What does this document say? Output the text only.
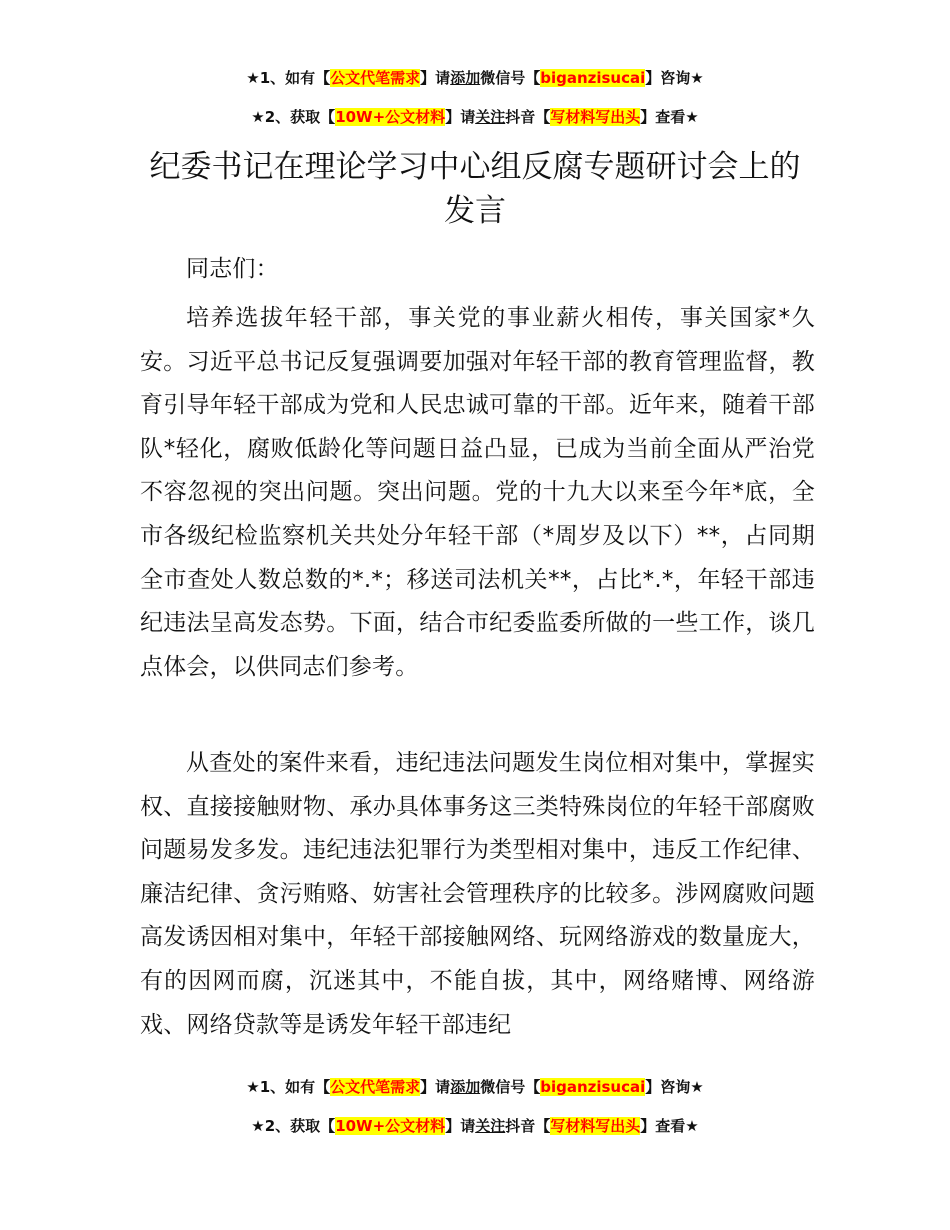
★1、如有【公文代笔需求】请添加微信号【biganzisucai】咨询★
★2、获取【10W+公文材料】请关注抖音【写材料写出头】查看★
纪委书记在理论学习中心组反腐专题研讨会上的发言

同志们：

培养选拔年轻干部，事关党的事业薪火相传，事关国家*久安。习近平总书记反复强调要加强对年轻干部的教育管理监督，教育引导年轻干部成为党和人民忠诚可靠的干部。近年来，随着干部队*轻化，腐败低龄化等问题日益凸显，已成为当前全面从严治党不容忽视的突出问题。突出问题。党的十九大以来至今年*底，全市各级纪检监察机关共处分年轻干部（*周岁及以下）**，占同期全市查处人数总数的*.*；移送司法机关**，占比*.*，年轻干部违纪违法呈高发态势。下面，结合市纪委监委所做的一些工作，谈几点体会，以供同志们参考。

从查处的案件来看，违纪违法问题发生岗位相对集中，掌握实权、直接接触财物、承办具体事务这三类特殊岗位的年轻干部腐败问题易发多发。违纪违法犯罪行为类型相对集中，违反工作纪律、廉洁纪律、贪污贿赂、妨害社会管理秩序的比较多。涉网腐败问题高发诱因相对集中，年轻干部接触网络、玩网络游戏的数量庞大，有的因网而腐，沉迷其中，不能自拔，其中，网络赌博、网络游戏、网络贷款等是诱发年轻干部违纪

★1、如有【公文代笔需求】请添加微信号【biganzisucai】咨询★
★2、获取【10W+公文材料】请关注抖音【写材料写出头】查看★
